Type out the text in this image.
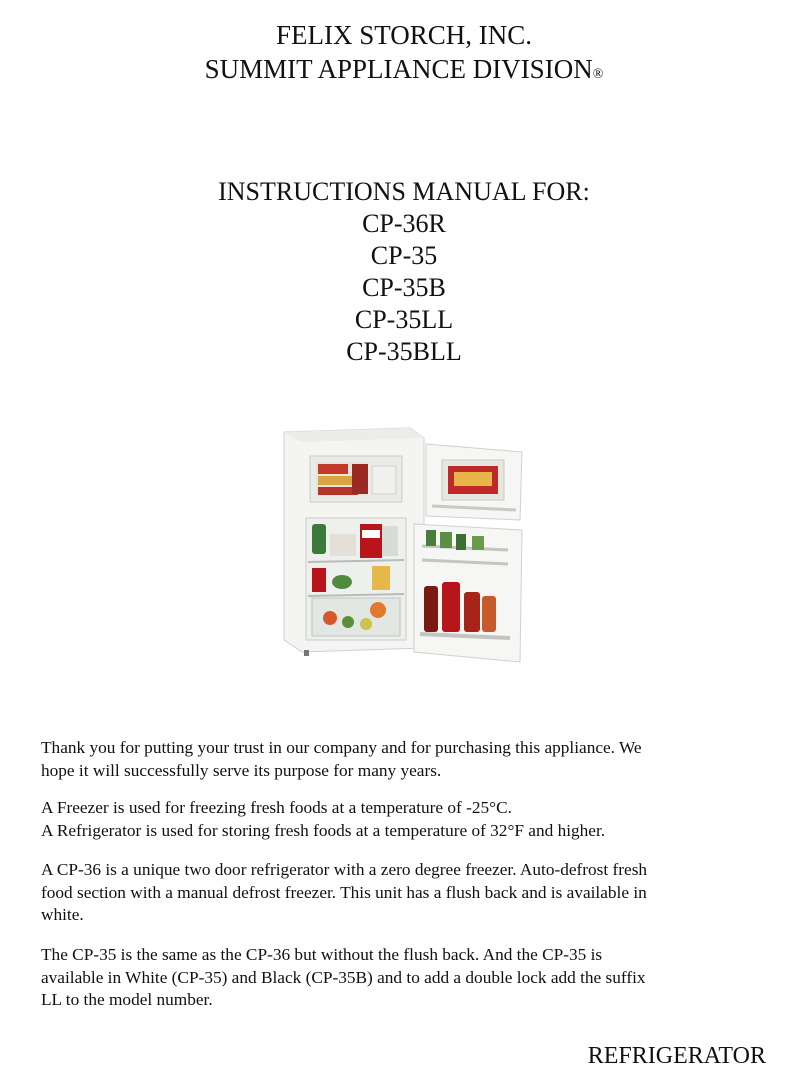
FELIX STORCH, INC.
SUMMIT APPLIANCE DIVISION®
INSTRUCTIONS MANUAL FOR:
CP-36R
CP-35
CP-35B
CP-35LL
CP-35BLL

Thank you for putting your trust in our company and for purchasing this appliance. We

hope it will successfully serve its purpose for many years.

A Freezer is used for freezing fresh foods at a temperature of -25°C.

A Refrigerator is used for storing fresh foods at a temperature of 32°F and higher.

A CP-36 is a unique two door refrigerator with a zero degree freezer. Auto-defrost fresh

food section with a manual defrost freezer. This unit has a flush back and is available in

white.

The CP-35 is the same as the CP-36 but without the flush back. And the CP-35 is

available in White (CP-35) and Black (CP-35B) and to add a double lock add the suffix

LL to the model number.

REFRIGERATOR
